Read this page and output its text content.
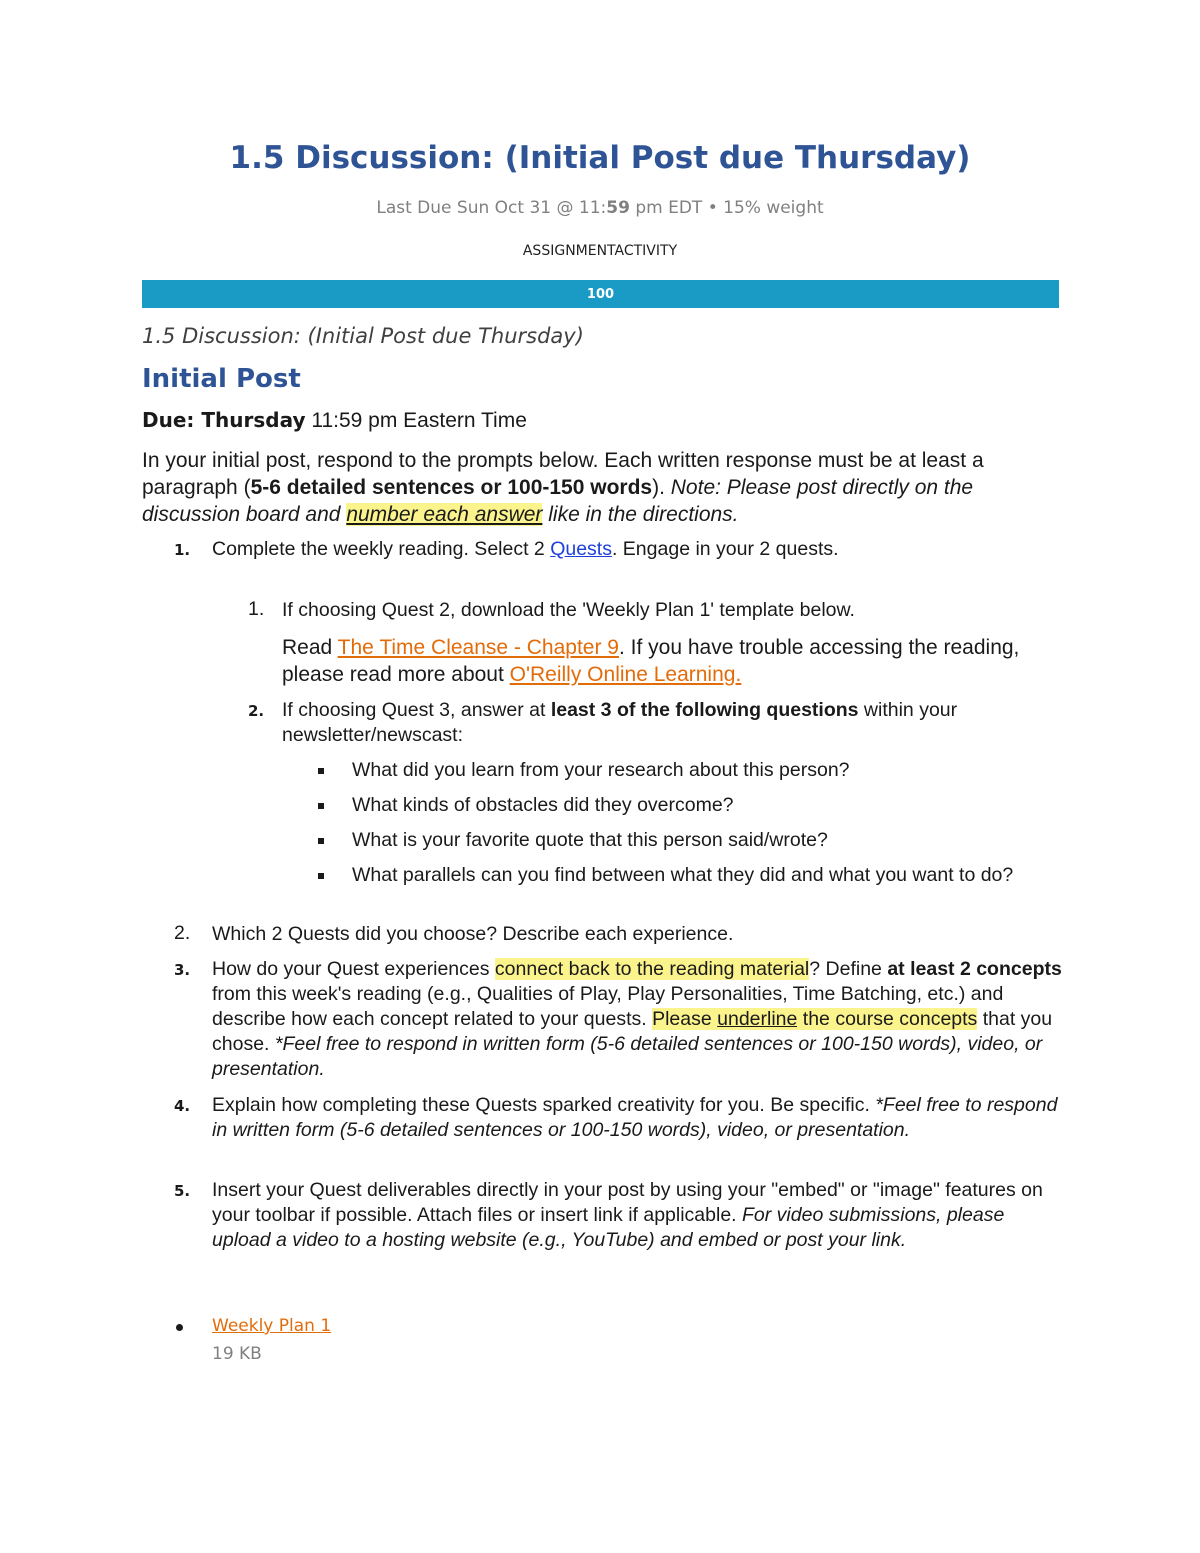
1.5 Discussion: (Initial Post due Thursday)
Last Due Sun Oct 31 @ 11:59 pm EDT • 15% weight
ASSIGNMENTACTIVITY
100
1.5 Discussion: (Initial Post due Thursday)
Initial Post
Due: Thursday 11:59 pm Eastern Time
In your initial post, respond to the prompts below. Each written response must be at least a paragraph (5-6 detailed sentences or 100-150 words). Note: Please post directly on the discussion board and number each answer like in the directions.
1. Complete the weekly reading. Select 2 Quests. Engage in your 2 quests.
1. If choosing Quest 2, download the 'Weekly Plan 1' template below.
Read The Time Cleanse - Chapter 9. If you have trouble accessing the reading, please read more about O'Reilly Online Learning.
2. If choosing Quest 3, answer at least 3 of the following questions within your newsletter/newscast:
What did you learn from your research about this person?
What kinds of obstacles did they overcome?
What is your favorite quote that this person said/wrote?
What parallels can you find between what they did and what you want to do?
2. Which 2 Quests did you choose? Describe each experience.
3. How do your Quest experiences connect back to the reading material? Define at least 2 concepts from this week's reading (e.g., Qualities of Play, Play Personalities, Time Batching, etc.) and describe how each concept related to your quests. Please underline the course concepts that you chose. *Feel free to respond in written form (5-6 detailed sentences or 100-150 words), video, or presentation.
4. Explain how completing these Quests sparked creativity for you. Be specific. *Feel free to respond in written form (5-6 detailed sentences or 100-150 words), video, or presentation.
5. Insert your Quest deliverables directly in your post by using your "embed" or "image" features on your toolbar if possible. Attach files or insert link if applicable. For video submissions, please upload a video to a hosting website (e.g., YouTube) and embed or post your link.
Weekly Plan 1
19 KB
